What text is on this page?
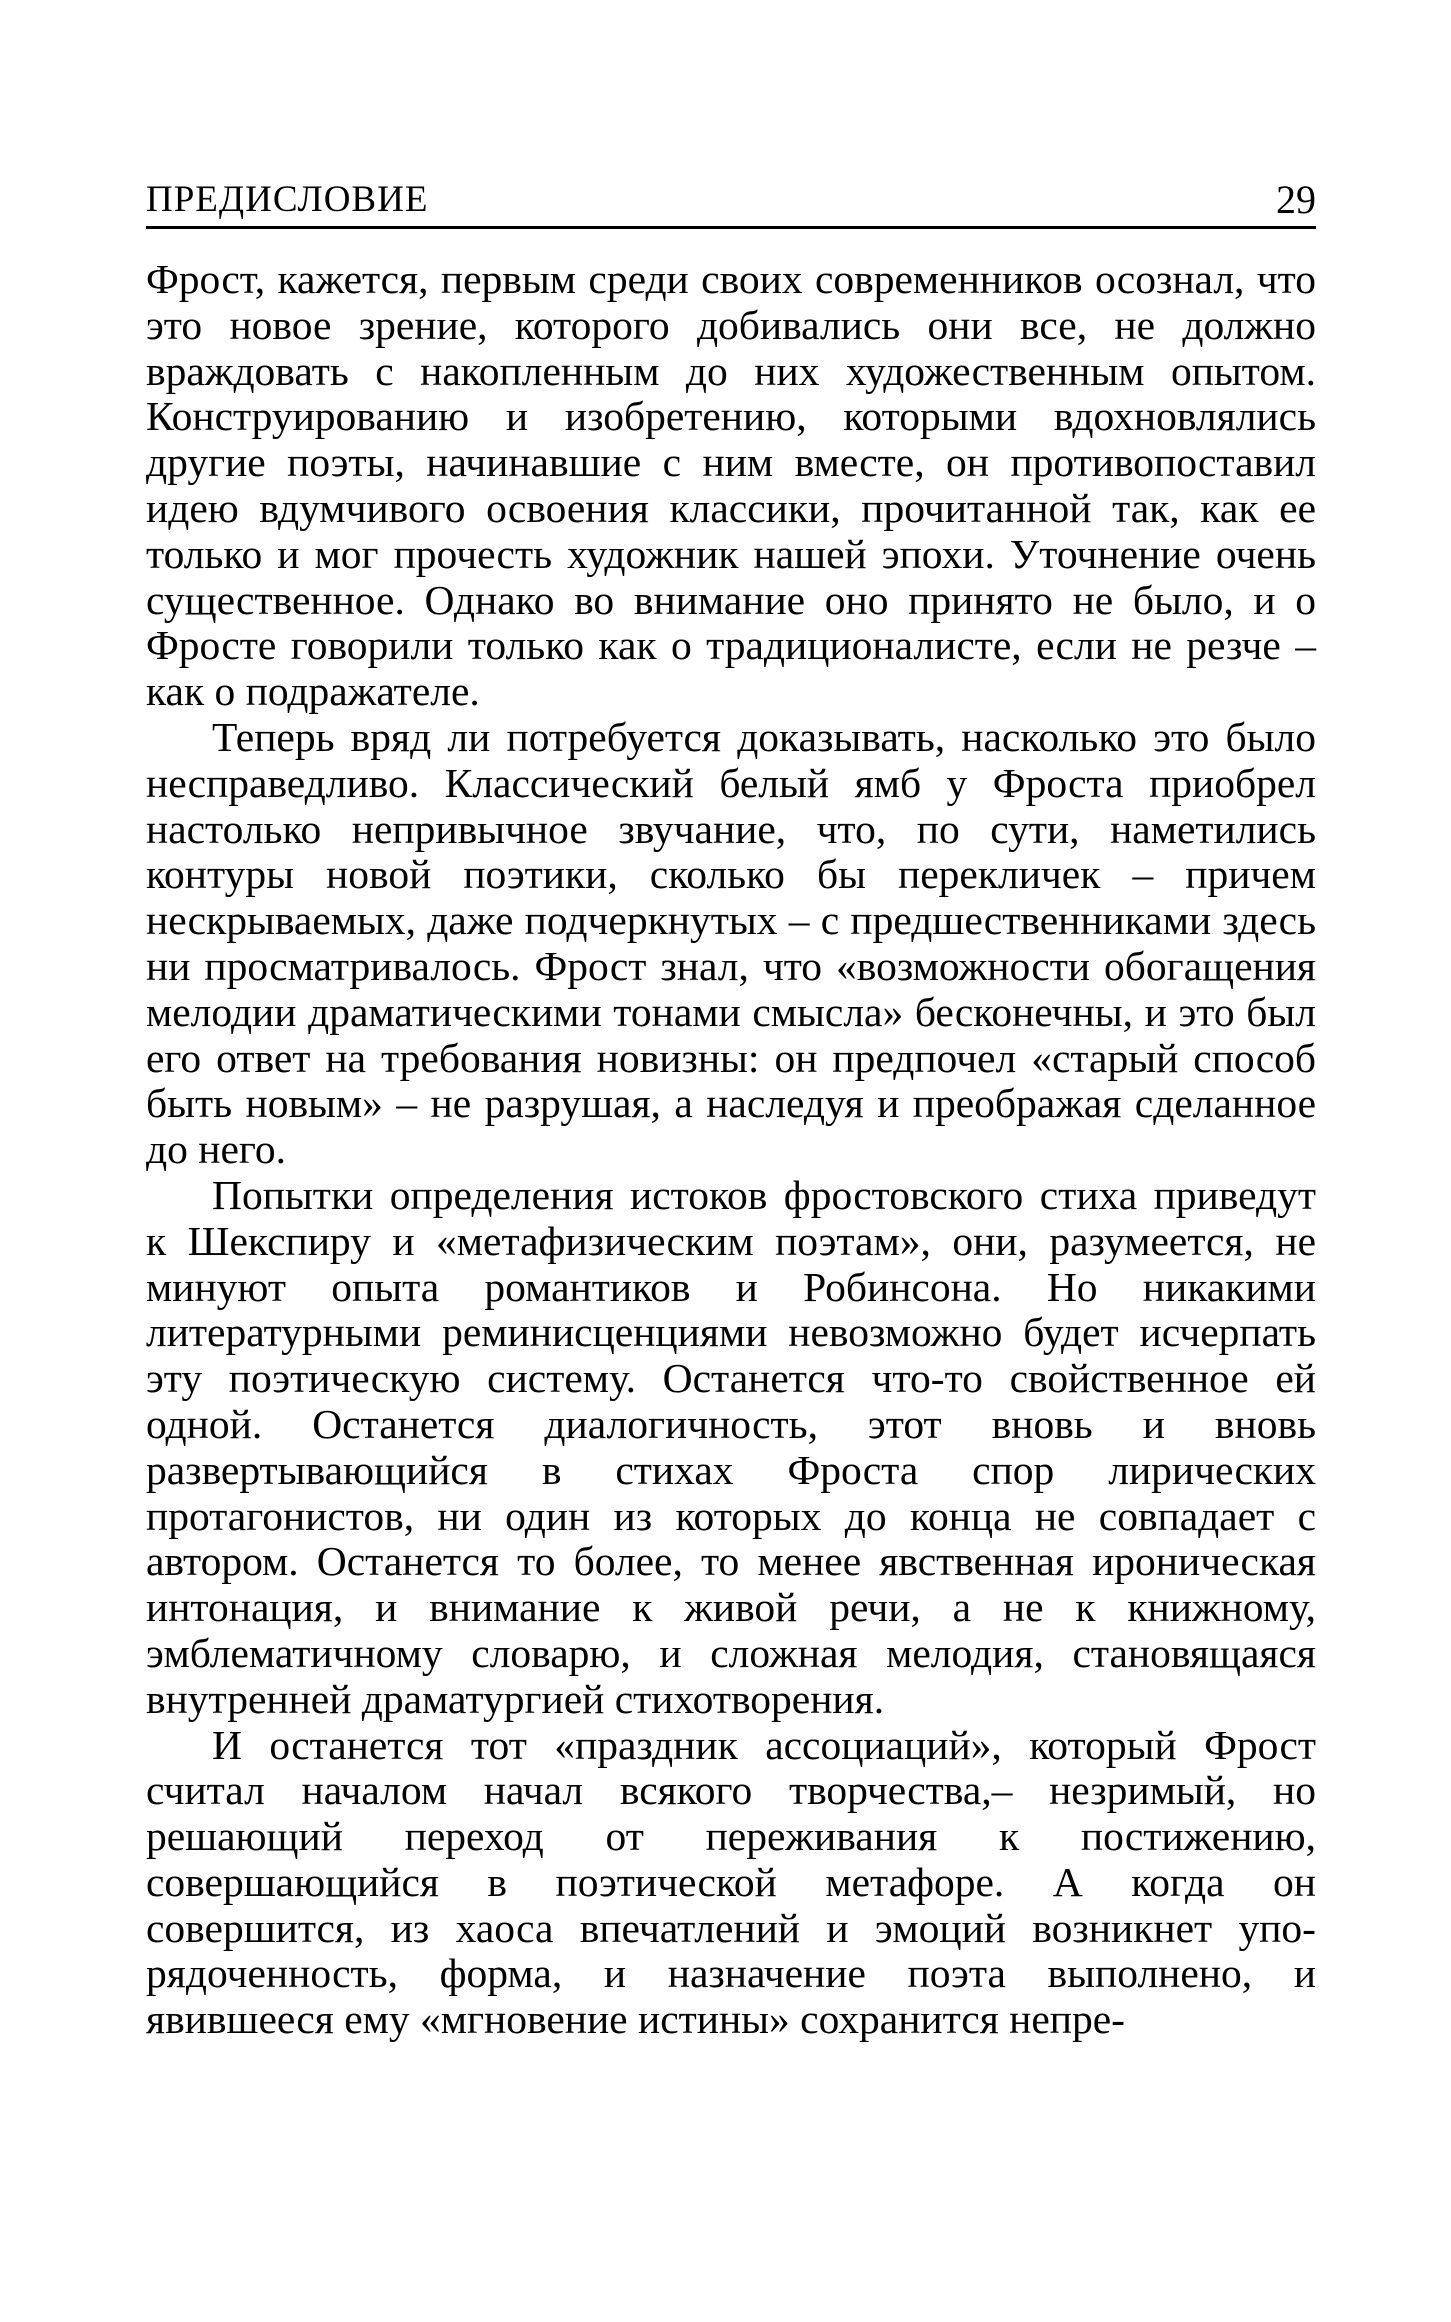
ПРЕДИСЛОВИЕ	29

Фрост, кажется, первым среди своих современников осознал, что это новое зрение, которого добивались они все, не должно враждовать с накопленным до них художественным опытом. Конструированию и изобретению, которыми вдохновлялись другие поэты, начинавшие с ним вместе, он противопоставил идею вдумчивого освоения классики, прочитанной так, как ее только и мог прочесть художник нашей эпохи. Уточнение очень существенное. Однако во внимание оно принято не было, и о Фросте говорили только как о традиционалисте, если не резче – как о подражателе.

Теперь вряд ли потребуется доказывать, насколько это было несправедливо. Классический белый ямб у Фроста приобрел настолько непривычное звучание, что, по сути, наметились контуры новой поэтики, сколько бы перекличек – причем нескрываемых, даже подчеркнутых – с предшественниками здесь ни просматривалось. Фрост знал, что «возможности обогащения мелодии драматическими тонами смысла» бесконечны, и это был его ответ на требования новизны: он предпочел «старый способ быть новым» – не разрушая, а наследуя и преображая сделанное до него.

Попытки определения истоков фростовского стиха приведут к Шекспиру и «метафизическим поэтам», они, разумеется, не минуют опыта романтиков и Робинсона. Но никакими литературными реминисценциями невозможно будет исчерпать эту поэтическую систему. Останется что-то свойственное ей одной. Останется диалогичность, этот вновь и вновь развертывающийся в стихах Фроста спор лирических протагонистов, ни один из которых до конца не совпадает с автором. Останется то более, то менее явственная ироническая интонация, и внимание к живой речи, а не к книжному, эмблематичному словарю, и сложная мелодия, становящаяся внутренней драматургией стихотворения.

И останется тот «праздник ассоциаций», который Фрост считал началом начал всякого творчества,– незримый, но решающий переход от переживания к постижению, совершающийся в поэтической метафоре. А когда он совершится, из хаоса впечатлений и эмоций возникнет упорядоченность, форма, и назначение поэта выполнено, и явившееся ему «мгновение истины» сохранится непре-
